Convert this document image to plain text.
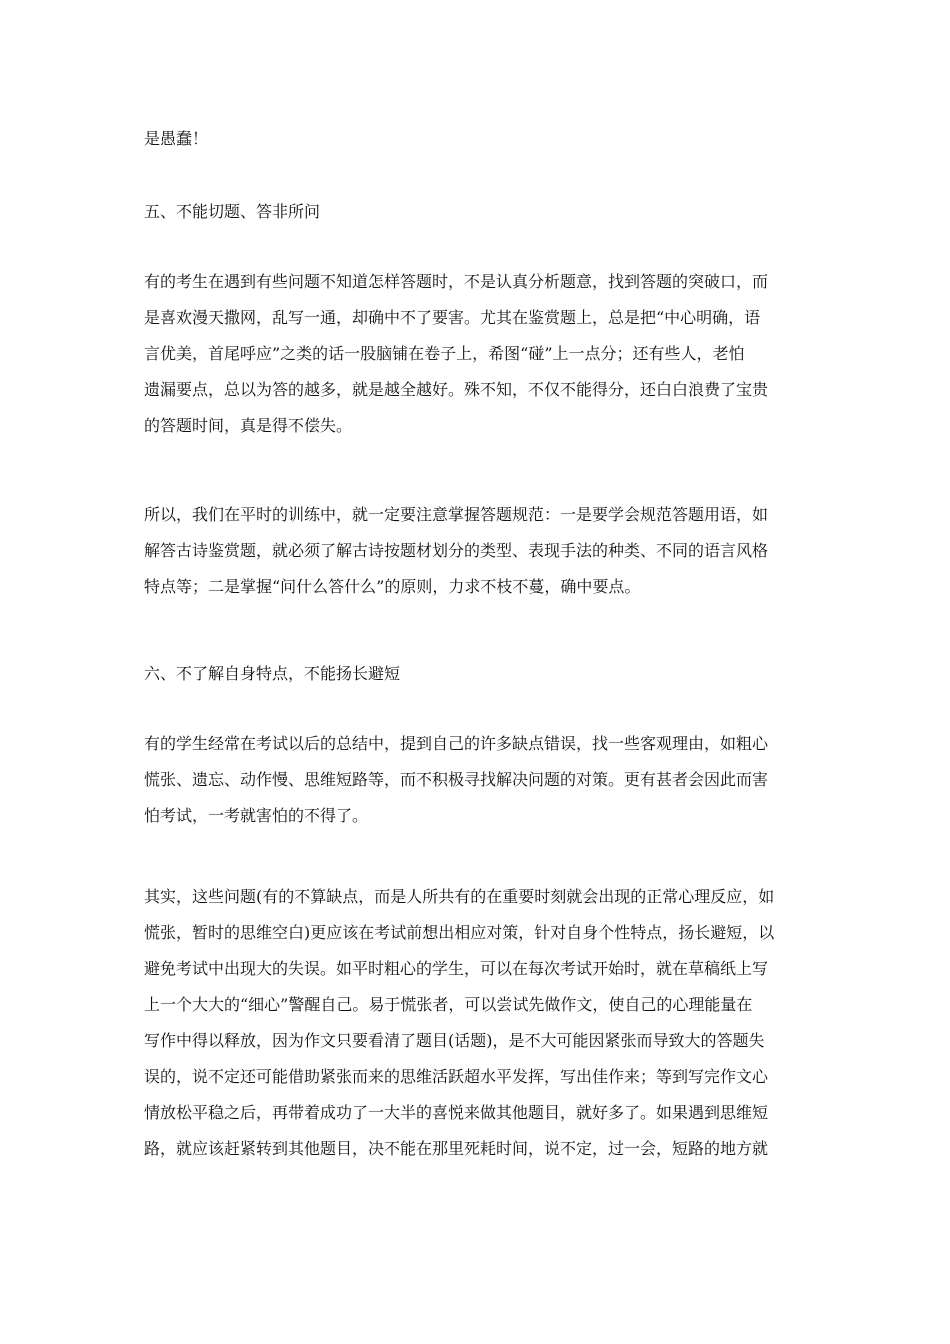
是愚蠢！
五、不能切题、答非所问
有的考生在遇到有些问题不知道怎样答题时，不是认真分析题意，找到答题的突破口，而
是喜欢漫天撒网，乱写一通，却确中不了要害。尤其在鉴赏题上，总是把“中心明确，语
言优美，首尾呼应”之类的话一股脑铺在卷子上，希图“碰”上一点分；还有些人，老怕
遗漏要点，总以为答的越多，就是越全越好。殊不知，不仅不能得分，还白白浪费了宝贵
的答题时间，真是得不偿失。
所以，我们在平时的训练中，就一定要注意掌握答题规范：一是要学会规范答题用语，如
解答古诗鉴赏题，就必须了解古诗按题材划分的类型、表现手法的种类、不同的语言风格
特点等；二是掌握“问什么答什么”的原则，力求不枝不蔓，确中要点。
六、不了解自身特点，不能扬长避短
有的学生经常在考试以后的总结中，提到自己的许多缺点错误，找一些客观理由，如粗心
慌张、遗忘、动作慢、思维短路等，而不积极寻找解决问题的对策。更有甚者会因此而害
怕考试，一考就害怕的不得了。
其实，这些问题(有的不算缺点，而是人所共有的在重要时刻就会出现的正常心理反应，如
慌张，暂时的思维空白)更应该在考试前想出相应对策，针对自身个性特点，扬长避短，以
避免考试中出现大的失误。如平时粗心的学生，可以在每次考试开始时，就在草稿纸上写
上一个大大的“细心”警醒自己。易于慌张者，可以尝试先做作文，使自己的心理能量在
写作中得以释放，因为作文只要看清了题目(话题)，是不大可能因紧张而导致大的答题失
误的，说不定还可能借助紧张而来的思维活跃超水平发挥，写出佳作来；等到写完作文心
情放松平稳之后，再带着成功了一大半的喜悦来做其他题目，就好多了。如果遇到思维短
路，就应该赶紧转到其他题目，决不能在那里死耗时间，说不定，过一会，短路的地方就
